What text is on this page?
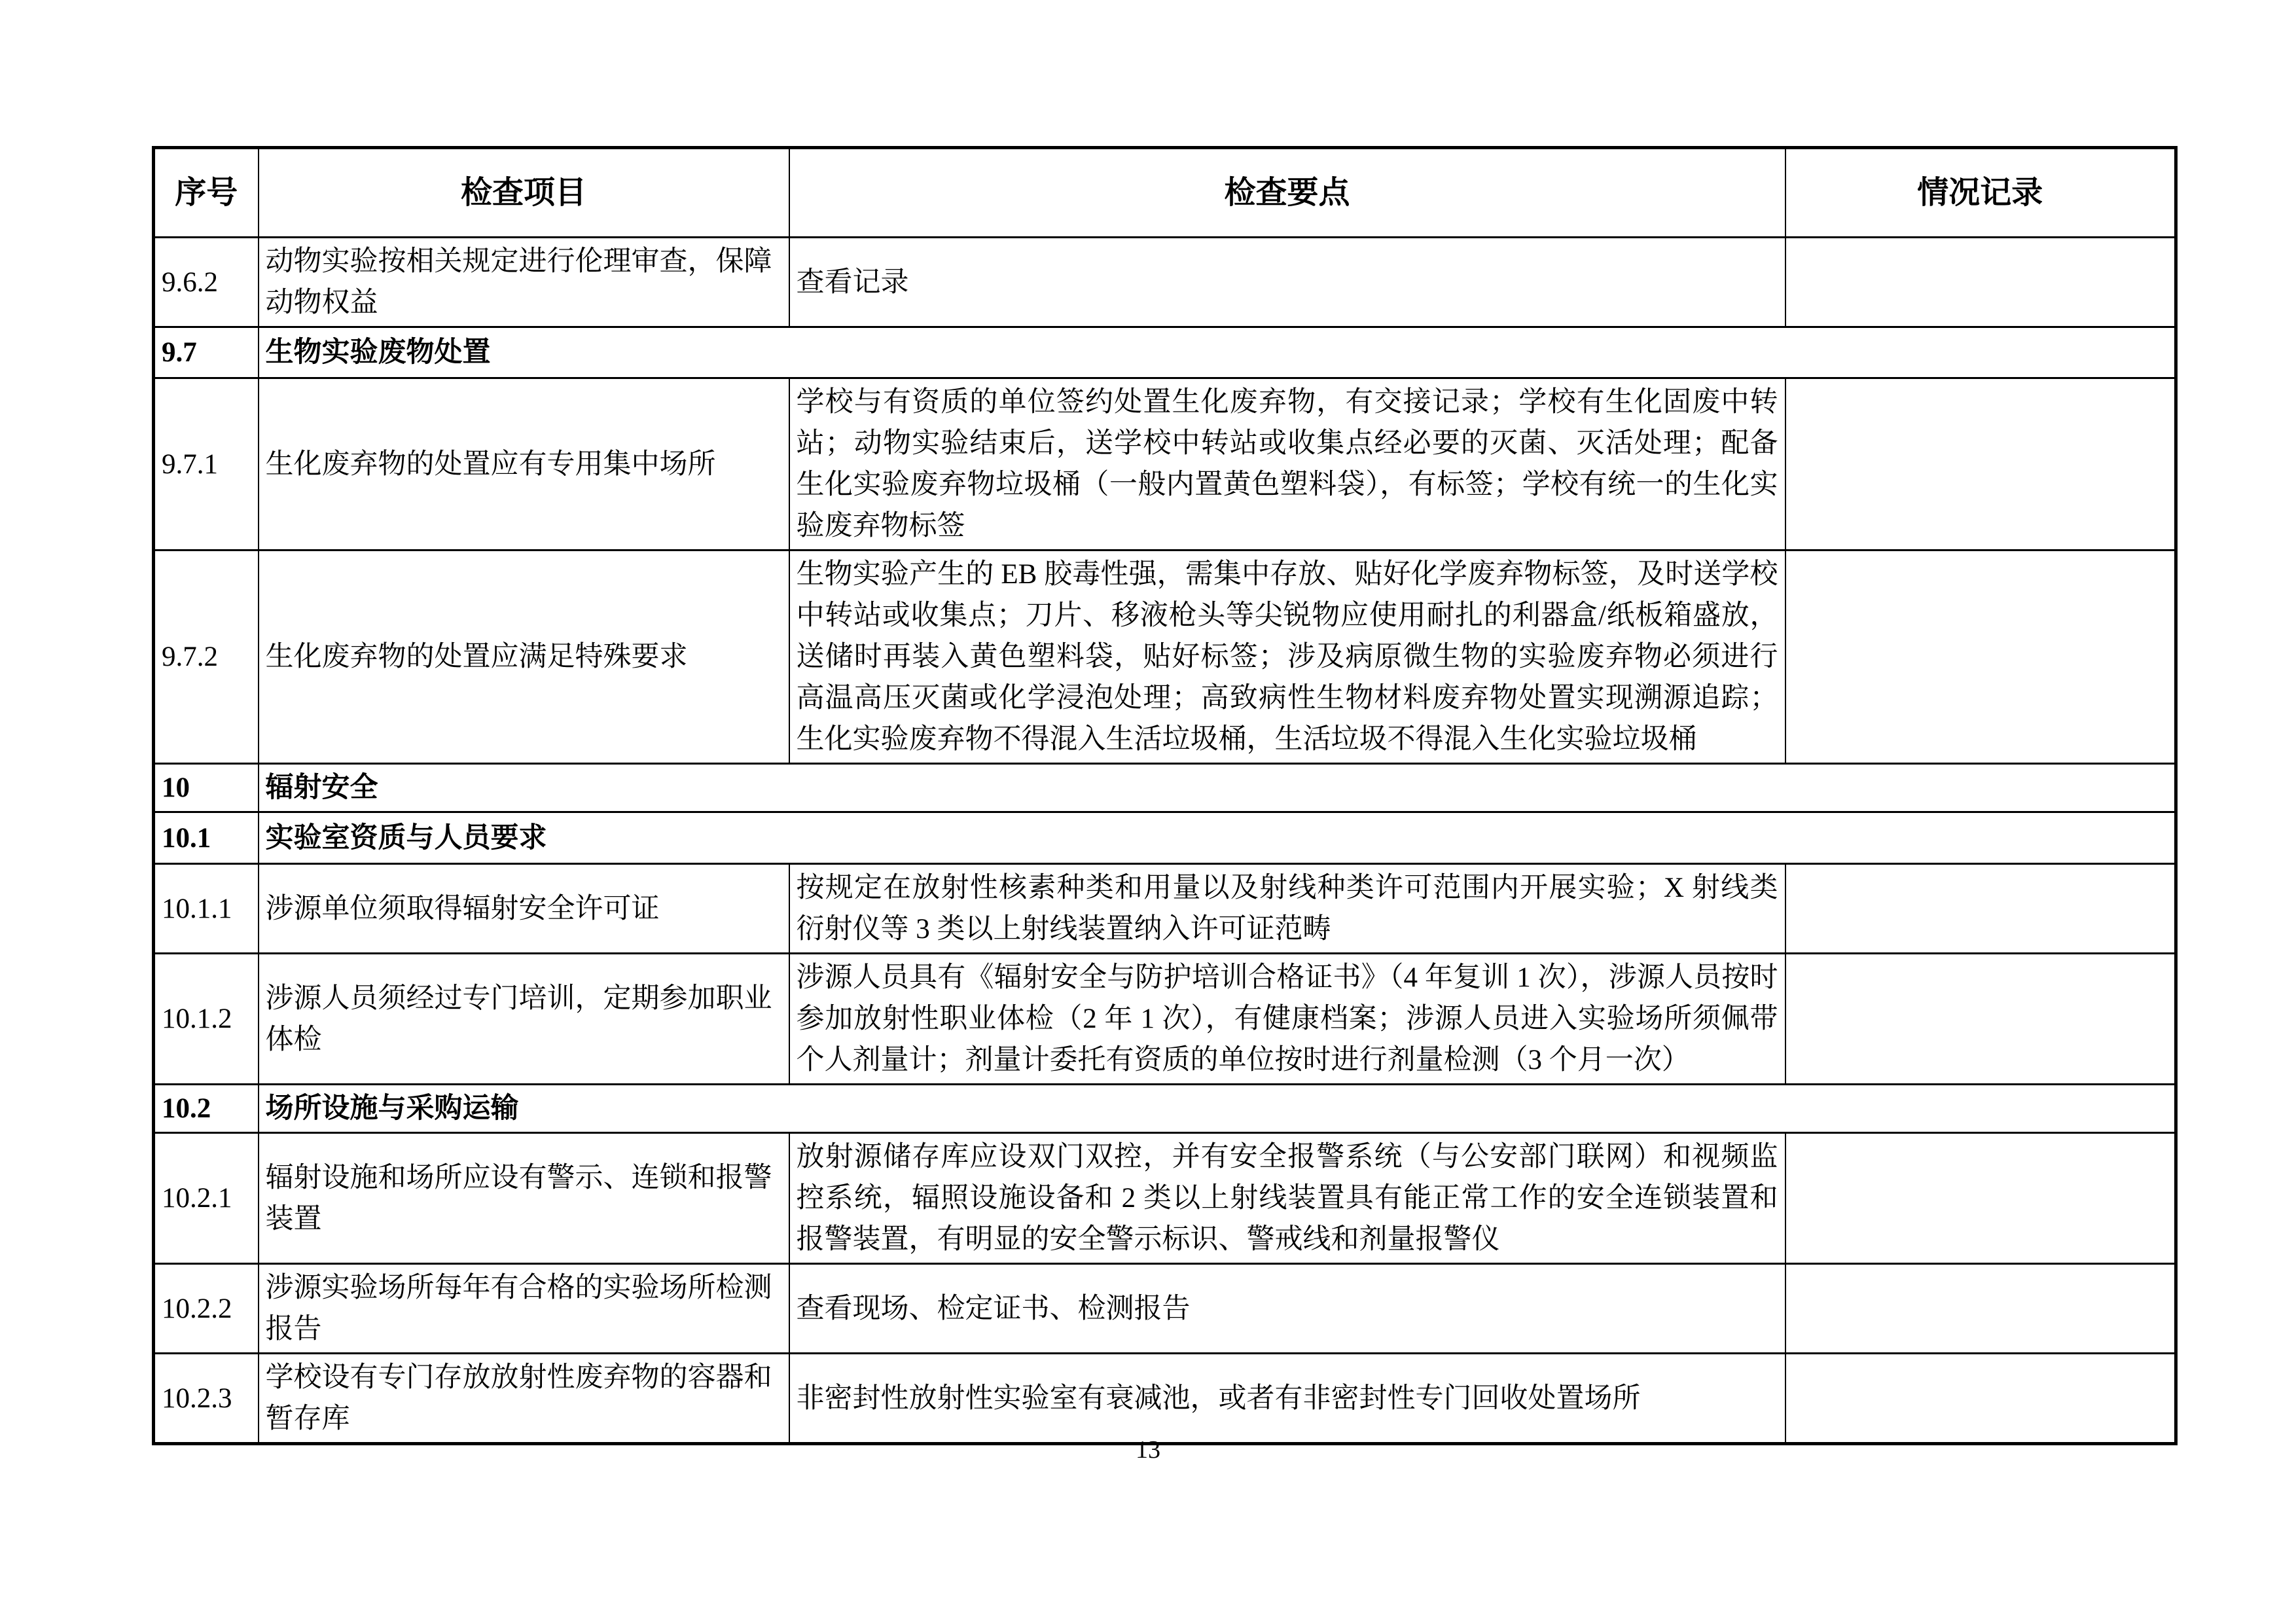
序号	检查项目	检查要点	情况记录
9.6.2	动物实验按相关规定进行伦理审查，保障动物权益	查看记录	
9.7	生物实验废物处置		
9.7.1	生化废弃物的处置应有专用集中场所	学校与有资质的单位签约处置生化废弃物，有交接记录；学校有生化固废中转站；动物实验结束后，送学校中转站或收集点经必要的灭菌、灭活处理；配备生化实验废弃物垃圾桶（一般内置黄色塑料袋），有标签；学校有统一的生化实验废弃物标签	
9.7.2	生化废弃物的处置应满足特殊要求	生物实验产生的 EB 胶毒性强，需集中存放、贴好化学废弃物标签，及时送学校中转站或收集点；刀片、移液枪头等尖锐物应使用耐扎的利器盒/纸板箱盛放，送储时再装入黄色塑料袋，贴好标签；涉及病原微生物的实验废弃物必须进行高温高压灭菌或化学浸泡处理；高致病性生物材料废弃物处置实现溯源追踪；生化实验废弃物不得混入生活垃圾桶，生活垃圾不得混入生化实验垃圾桶	
10	辐射安全		
10.1	实验室资质与人员要求		
10.1.1	涉源单位须取得辐射安全许可证	按规定在放射性核素种类和用量以及射线种类许可范围内开展实验；X 射线类衍射仪等 3 类以上射线装置纳入许可证范畴	
10.1.2	涉源人员须经过专门培训，定期参加职业体检	涉源人员具有《辐射安全与防护培训合格证书》（4 年复训 1 次），涉源人员按时参加放射性职业体检（2 年 1 次），有健康档案；涉源人员进入实验场所须佩带个人剂量计；剂量计委托有资质的单位按时进行剂量检测（3 个月一次）	
10.2	场所设施与采购运输		
10.2.1	辐射设施和场所应设有警示、连锁和报警装置	放射源储存库应设双门双控，并有安全报警系统（与公安部门联网）和视频监控系统，辐照设施设备和 2 类以上射线装置具有能正常工作的安全连锁装置和报警装置，有明显的安全警示标识、警戒线和剂量报警仪	
10.2.2	涉源实验场所每年有合格的实验场所检测报告	查看现场、检定证书、检测报告	
10.2.3	学校设有专门存放放射性废弃物的容器和暂存库	非密封性放射性实验室有衰减池，或者有非密封性专门回收处置场所	
13
